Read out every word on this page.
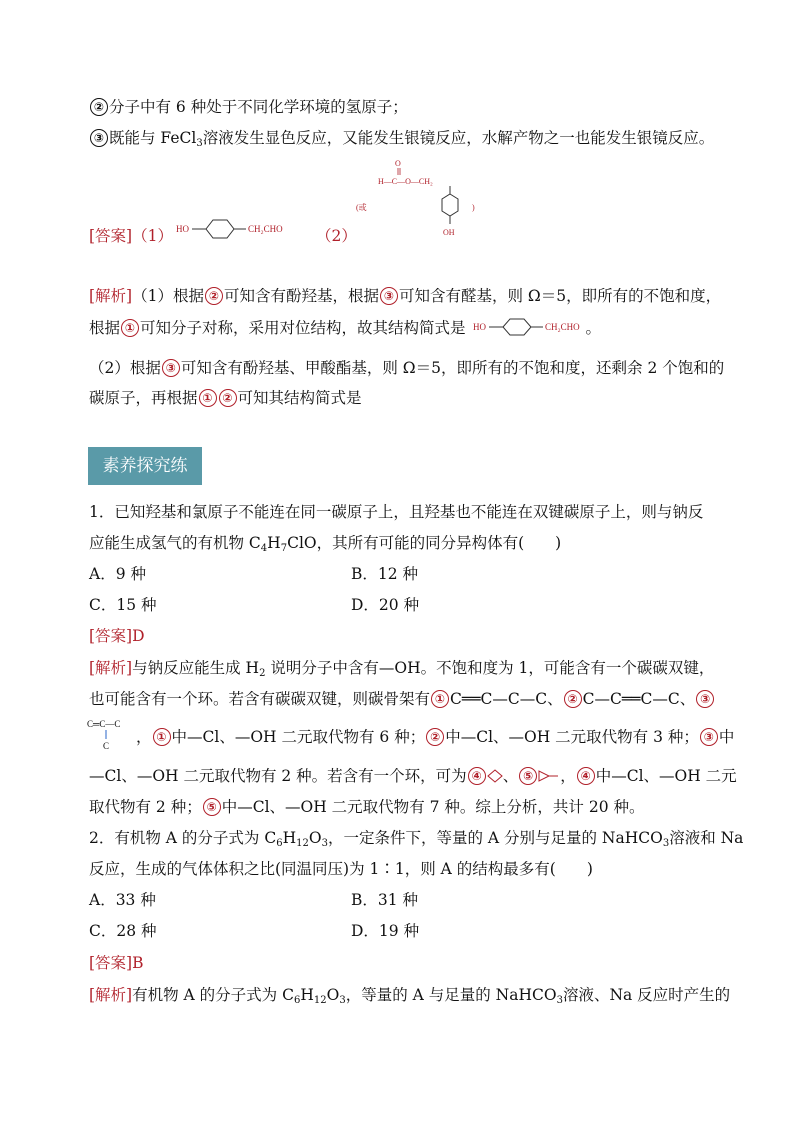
② 分子中有 6 种处于不同化学环境的氢原子；
③ 既能与 FeCl$_3$溶液发生显色反应，又能发生银镜反应，水解产物之一也能发生银镜反应。
[答案]（1） HO	CH₂CHO （2）
O
H—C—O—CH₂
OH
(或	)
[解析]（1）根据 ② 可知含有酚羟基，根据 ③ 可知含有醛基，则 Ω＝5，即所有的不饱和度，
根据 ① 可知分子对称，采用对位结构，故其结构简式是	。
HO	CH₂CHO
（2）根据 ③ 可知含有酚羟基、甲酸酯基，则 Ω＝5，即所有的不饱和度，还剩余 2 个饱和的
碳原子，再根据 ① ② 可知其结构简式是
素养探究练
1．已知羟基和氯原子不能连在同一碳原子上，且羟基也不能连在双键碳原子上，则与钠反
应能生成氢气的有机物 $C_4H_7ClO$，其所有可能的同分异构体有(　　)
A．9 种	B．12 种
C．15 种	D．20 种
[答案]D
[解析]与钠反应能生成 $H_2$ 说明分子中含有—OH。不饱和度为 1，可能含有一个碳碳双键，
也可能含有一个环。若含有碳碳双键，则碳骨架有 ① C══C—C—C、 ② C—C══C—C、 ③
C═C—C
C ， ① 中—Cl、—OH 二元取代物有 6 种； ② 中—Cl、—OH 二元取代物有 3 种； ③ 中
—Cl、—OH 二元取代物有 2 种。若含有一个环，可为 ④ 、 ⑤ ， ④ 中—Cl、—OH 二元
取代物有 2 种； ⑤ 中—Cl、—OH 二元取代物有 7 种。综上分析，共计 20 种。
2．有机物 A 的分子式为 $C_6H_{12}O_3$，一定条件下，等量的 A 分别与足量的 NaHCO$_3$溶液和 Na
反应，生成的气体体积之比(同温同压)为 1∶1，则 A 的结构最多有(　　)
A．33 种	B．31 种
C．28 种	D．19 种
[答案]B
[解析]有机物 A 的分子式为 $C_6H_{12}O_3$，等量的 A 与足量的 NaHCO$_3$溶液、Na 反应时产生的
